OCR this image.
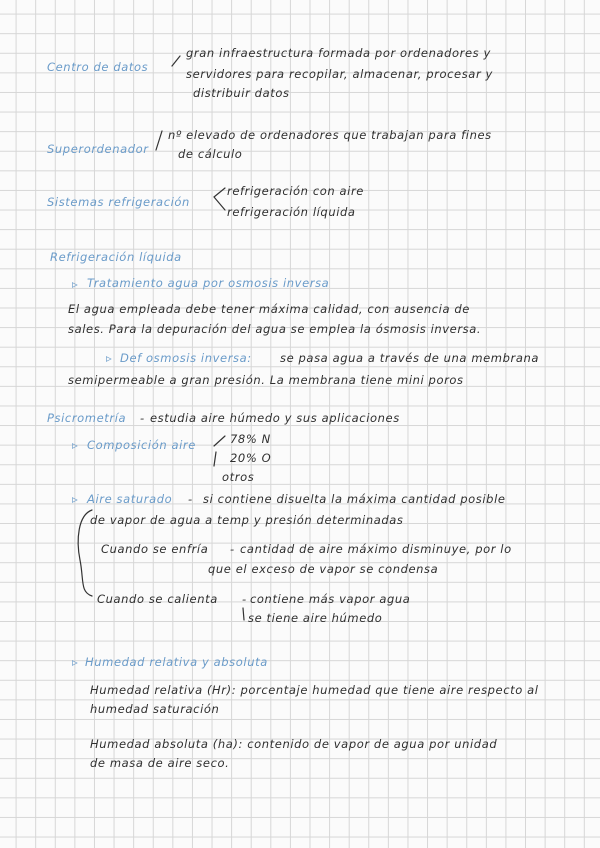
Centro de datos
gran infraestructura formada por ordenadores y
servidores para recopilar, almacenar, procesar y
distribuir datos
Superordenador
nº elevado de ordenadores que trabajan para fines
de cálculo
Sistemas refrigeración
refrigeración con aire
refrigeración líquida
Refrigeración líquida
▹ Tratamiento agua por osmosis inversa
El agua empleada debe tener máxima calidad, con ausencia de
sales. Para la depuración del agua se emplea la ósmosis inversa.
▹ Def osmosis inversa: se pasa agua a través de una membrana
semipermeable a gran presión. La membrana tiene mini poros
Psicrometría - estudia aire húmedo y sus aplicaciones
▹ Composición aire	78% N
20% O
otros
▹ Aire saturado - si contiene disuelta la máxima cantidad posible
de vapor de agua a temp y presión determinadas
Cuando se enfría - cantidad de aire máximo disminuye, por lo
que el exceso de vapor se condensa
Cuando se calienta - contiene más vapor agua
se tiene aire húmedo
▹ Humedad relativa y absoluta
Humedad relativa (Hr): porcentaje humedad que tiene aire respecto al
humedad saturación
Humedad absoluta (ha): contenido de vapor de agua por unidad
de masa de aire seco.
